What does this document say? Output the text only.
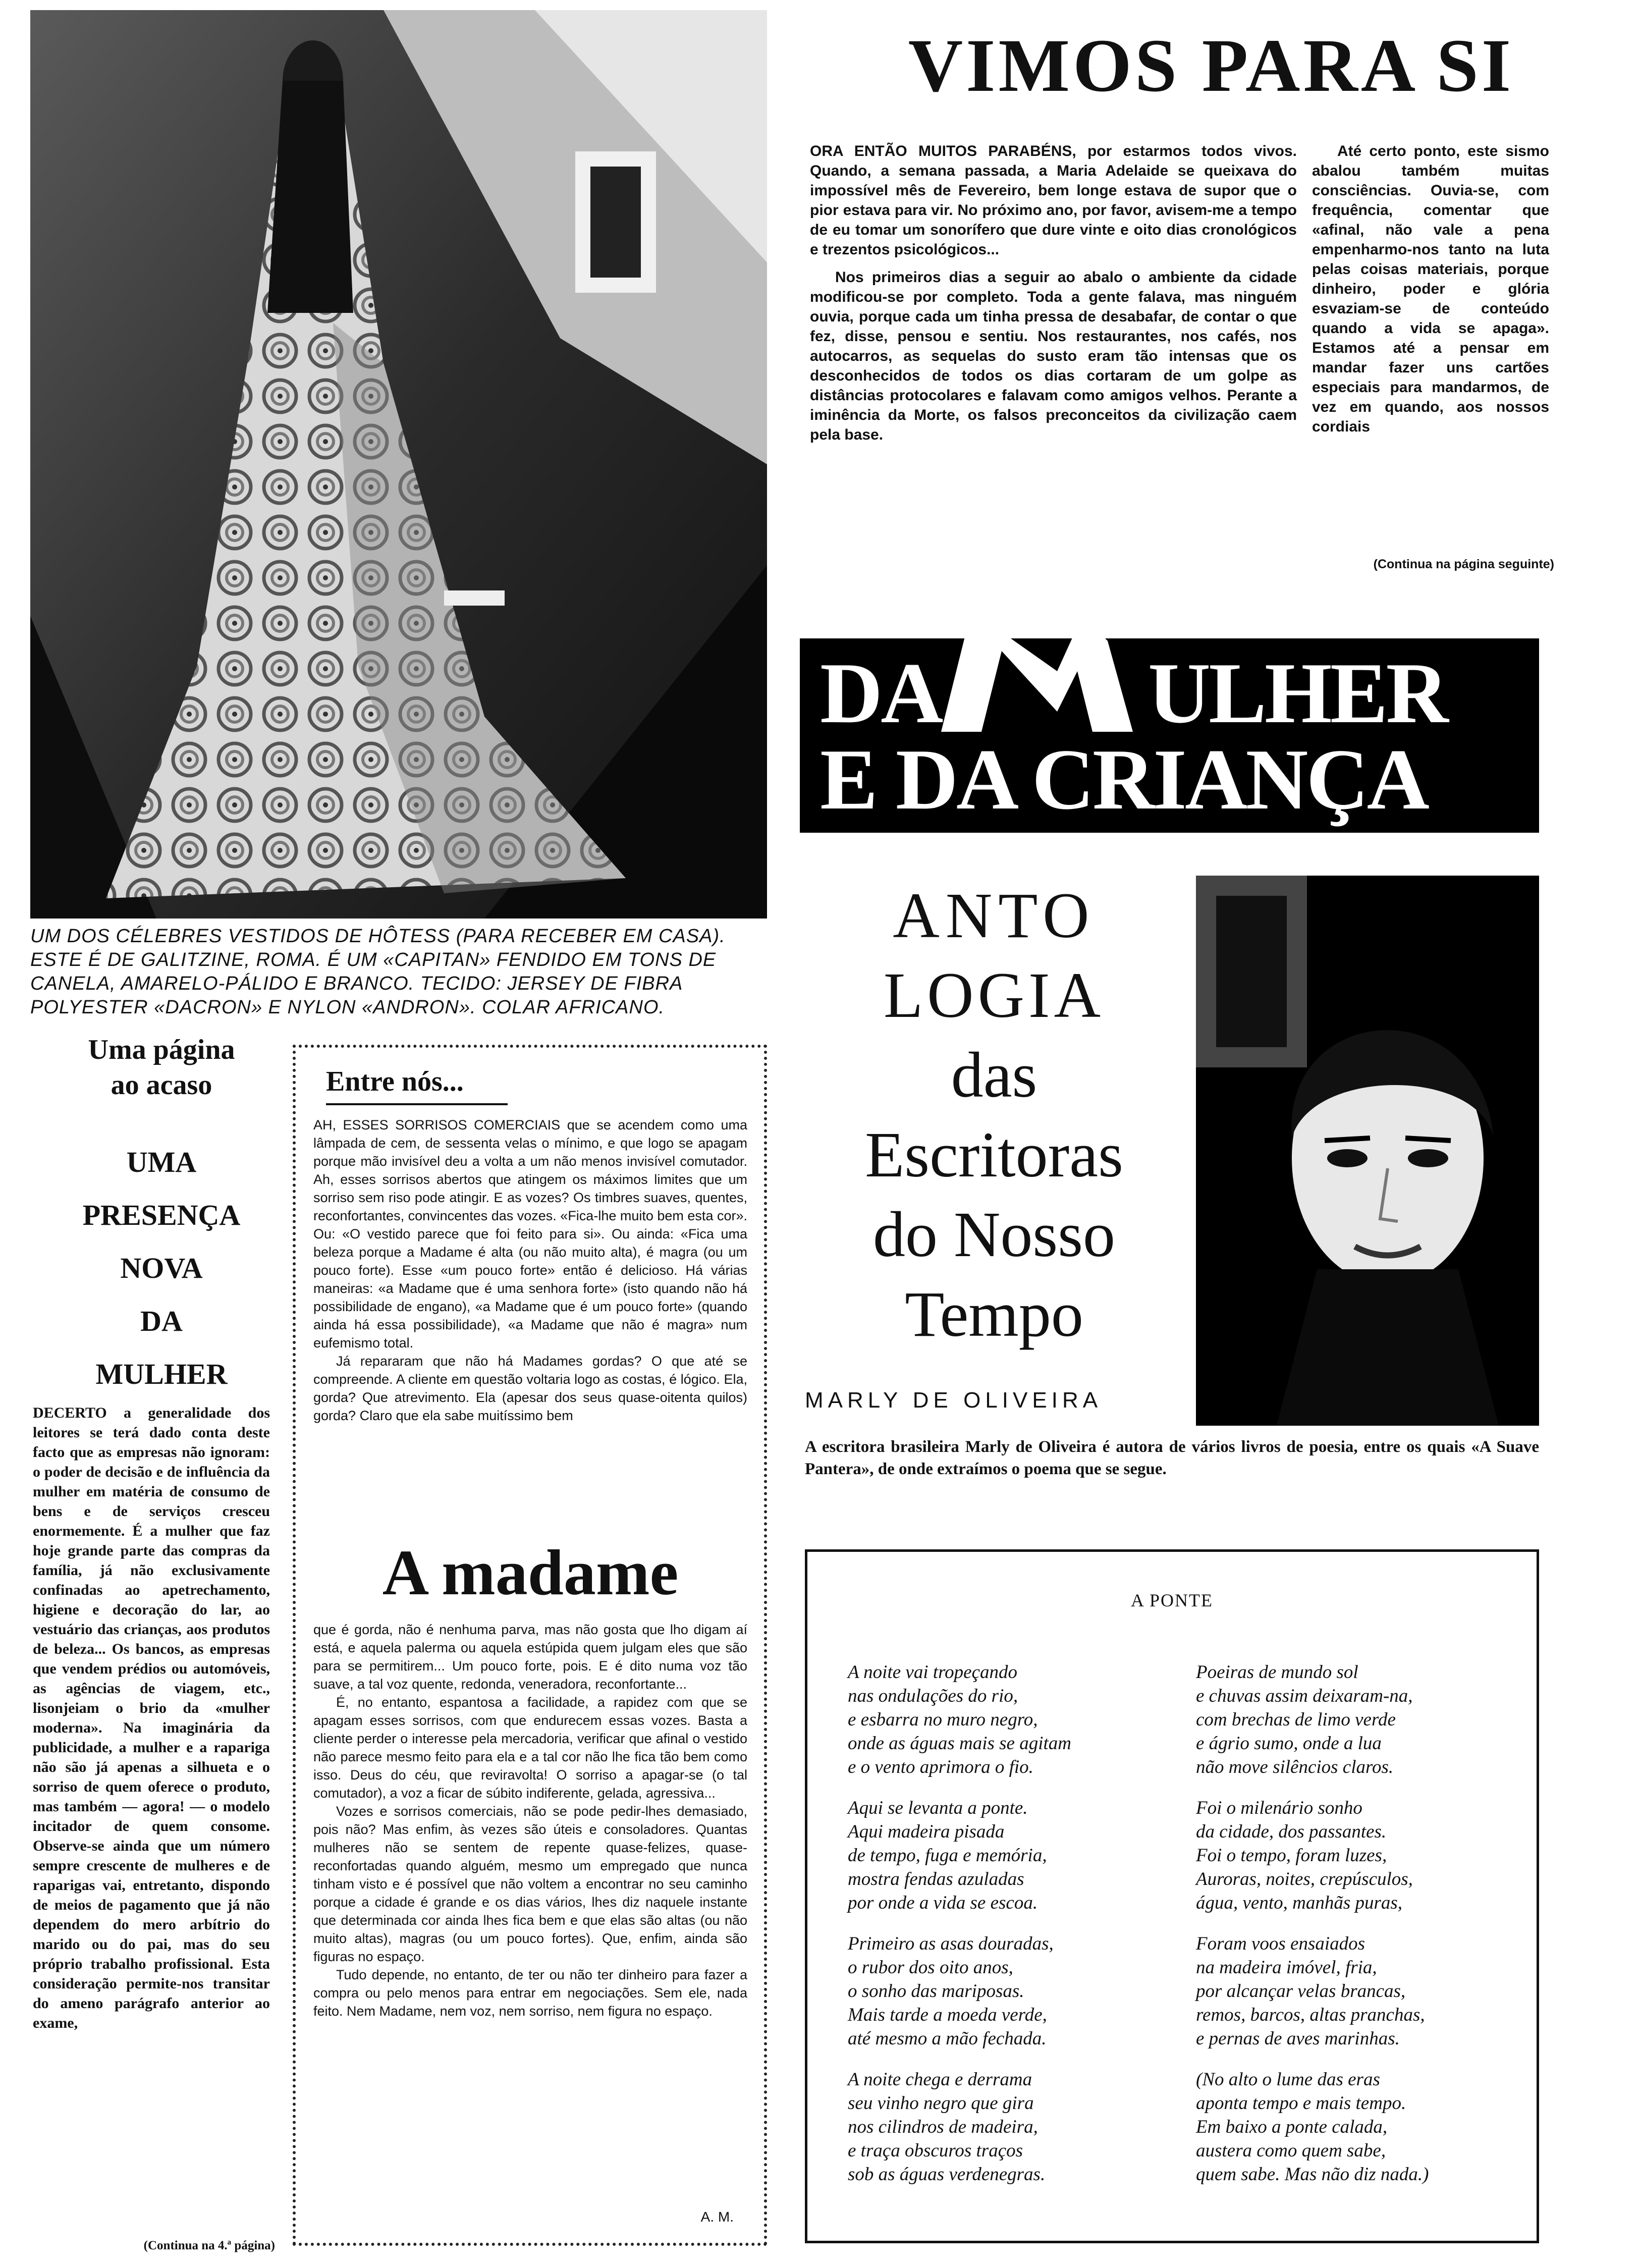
UM DOS CÉLEBRES VESTIDOS DE HÔTESS (PARA RECEBER EM CASA). ESTE É DE GALITZINE, ROMA. É UM «CAPITAN» FENDIDO EM TONS DE CANELA, AMARELO-PÁLIDO E BRANCO. TECIDO: JERSEY DE FIBRA POLYESTER «DACRON» E NYLON «ANDRON». COLAR AFRICANO.
VIMOS PARA SI

ORA ENTÃO MUITOS PARABÉNS, por estarmos todos vivos. Quando, a semana passada, a Maria Adelaide se queixava do impossível mês de Fevereiro, bem longe estava de supor que o pior estava para vir. No próximo ano, por favor, avisem-me a tempo de eu tomar um sonorífero que dure vinte e oito dias cronológicos e trezentos psicológicos...

Nos primeiros dias a seguir ao abalo o ambiente da cidade modificou-se por completo. Toda a gente falava, mas ninguém ouvia, porque cada um tinha pressa de desabafar, de contar o que fez, disse, pensou e sentiu. Nos restaurantes, nos cafés, nos autocarros, as sequelas do susto eram tão intensas que os desconhecidos de todos os dias cortaram de um golpe as distâncias protocolares e falavam como amigos velhos. Perante a iminência da Morte, os falsos preconceitos da civilização caem pela base.

Até certo ponto, este sismo abalou também muitas consciências. Ouvia-se, com frequência, comentar que «afinal, não vale a pena empenharmo-nos tanto na luta pelas coisas materiais, porque dinheiro, poder e glória esvaziam-se de conteúdo quando a vida se apaga». Estamos até a pensar em mandar fazer uns cartões especiais para mandarmos, de vez em quando, aos nossos cordiais

(Continua na página seguinte)
DA ULHER
E DA CRIANÇA
ANTO
LOGIA
das
Escritoras
do Nosso
Tempo
MARLY DE OLIVEIRA
A escritora brasileira Marly de Oliveira é autora de vários livros de poesia, entre os quais «A Suave Pantera», de onde extraímos o poema que se segue.
Uma página
ao acaso
UMA
PRESENÇA
NOVA
DA
MULHER

DECERTO a generalidade dos leitores se terá dado conta deste facto que as empresas não ignoram: o poder de decisão e de influência da mulher em matéria de consumo de bens e de serviços cresceu enormemente. É a mulher que faz hoje grande parte das compras da família, já não exclusivamente confinadas ao apetrechamento, higiene e decoração do lar, ao vestuário das crianças, aos produtos de beleza... Os bancos, as empresas que vendem prédios ou automóveis, as agências de viagem, etc., lisonjeiam o brio da «mulher moderna». Na imaginária da publicidade, a mulher e a rapariga não são já apenas a silhueta e o sorriso de quem oferece o produto, mas também — agora! — o modelo incitador de quem consome. Observe-se ainda que um número sempre crescente de mulheres e de raparigas vai, entretanto, dispondo de meios de pagamento que já não dependem do mero arbítrio do marido ou do pai, mas do seu próprio trabalho profissional. Esta consideração permite-nos transitar do ameno parágrafo anterior ao exame,

(Continua na 4.ª página)
Entre nós...

AH, ESSES SORRISOS COMERCIAIS que se acendem como uma lâmpada de cem, de sessenta velas o mínimo, e que logo se apagam porque mão invisível deu a volta a um não menos invisível comutador. Ah, esses sorrisos abertos que atingem os máximos limites que um sorriso sem riso pode atingir. E as vozes? Os timbres suaves, quentes, reconfortantes, convincentes das vozes. «Fica-lhe muito bem esta cor». Ou: «O vestido parece que foi feito para si». Ou ainda: «Fica uma beleza porque a Madame é alta (ou não muito alta), é magra (ou um pouco forte). Esse «um pouco forte» então é delicioso. Há várias maneiras: «a Madame que é uma senhora forte» (isto quando não há possibilidade de engano), «a Madame que é um pouco forte» (quando ainda há essa possibilidade), «a Madame que não é magra» num eufemismo total.

Já repararam que não há Madames gordas? O que até se compreende. A cliente em questão voltaria logo as costas, é lógico. Ela, gorda? Que atrevimento. Ela (apesar dos seus quase-oitenta quilos) gorda? Claro que ela sabe muitíssimo bem

A madame

que é gorda, não é nenhuma parva, mas não gosta que lho digam aí está, e aquela palerma ou aquela estúpida quem julgam eles que são para se permitirem... Um pouco forte, pois. E é dito numa voz tão suave, a tal voz quente, redonda, veneradora, reconfortante...

É, no entanto, espantosa a facilidade, a rapidez com que se apagam esses sorrisos, com que endurecem essas vozes. Basta a cliente perder o interesse pela mercadoria, verificar que afinal o vestido não parece mesmo feito para ela e a tal cor não lhe fica tão bem como isso. Deus do céu, que reviravolta! O sorriso a apagar-se (o tal comutador), a voz a ficar de súbito indiferente, gelada, agressiva...

Vozes e sorrisos comerciais, não se pode pedir-lhes demasiado, pois não? Mas enfim, às vezes são úteis e consoladores. Quantas mulheres não se sentem de repente quase-felizes, quase-reconfortadas quando alguém, mesmo um empregado que nunca tinham visto e é possível que não voltem a encontrar no seu caminho porque a cidade é grande e os dias vários, lhes diz naquele instante que determinada cor ainda lhes fica bem e que elas são altas (ou não muito altas), magras (ou um pouco fortes). Que, enfim, ainda são figuras no espaço.

Tudo depende, no entanto, de ter ou não ter dinheiro para fazer a compra ou pelo menos para entrar em negociações. Sem ele, nada feito. Nem Madame, nem voz, nem sorriso, nem figura no espaço.

A. M.
A PONTE
A noite vai tropeçando
nas ondulações do rio,
e esbarra no muro negro,
onde as águas mais se agitam
e o vento aprimora o fio.
Aqui se levanta a ponte.
Aqui madeira pisada
de tempo, fuga e memória,
mostra fendas azuladas
por onde a vida se escoa.
Primeiro as asas douradas,
o rubor dos oito anos,
o sonho das mariposas.
Mais tarde a moeda verde,
até mesmo a mão fechada.
A noite chega e derrama
seu vinho negro que gira
nos cilindros de madeira,
e traça obscuros traços
sob as águas verdenegras.
Poeiras de mundo sol
e chuvas assim deixaram-na,
com brechas de limo verde
e ágrio sumo, onde a lua
não move silêncios claros.
Foi o milenário sonho
da cidade, dos passantes.
Foi o tempo, foram luzes,
Auroras, noites, crepúsculos,
água, vento, manhãs puras,
Foram voos ensaiados
na madeira imóvel, fria,
por alcançar velas brancas,
remos, barcos, altas pranchas,
e pernas de aves marinhas.
(No alto o lume das eras
aponta tempo e mais tempo.
Em baixo a ponte calada,
austera como quem sabe,
quem sabe. Mas não diz nada.)
